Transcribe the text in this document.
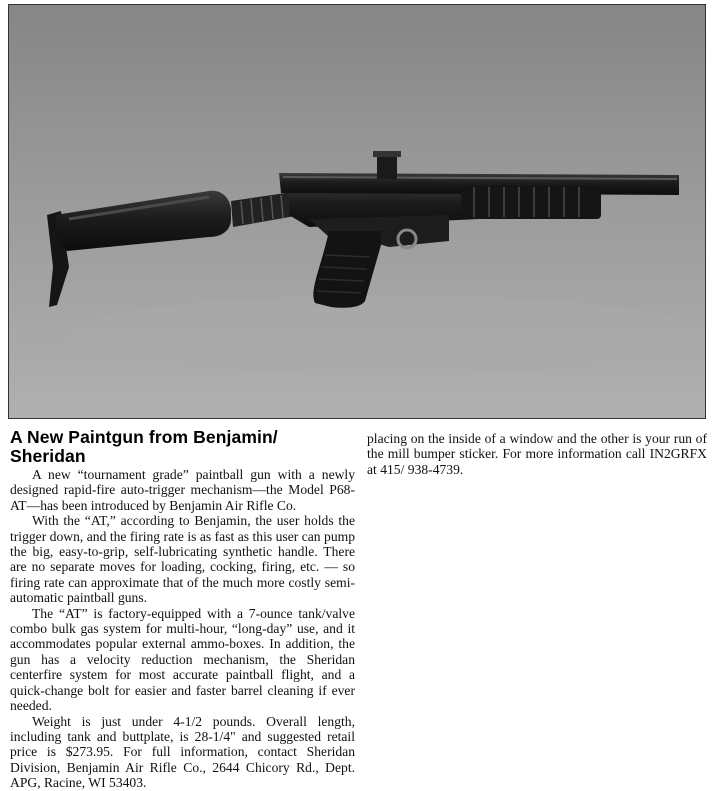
A New Paintgun from Benjamin/ Sheridan

A new “tournament grade” paintball gun with a newly designed rapid-fire auto-trigger mechanism—the Model P68-AT—has been introduced by Benjamin Air Rifle Co.

With the “AT,” according to Benjamin, the user holds the trigger down, and the firing rate is as fast as this user can pump the big, easy-to-grip, self-lubricating synthetic handle. There are no separate moves for loading, cocking, firing, etc. — so firing rate can approximate that of the much more costly semi-automatic paintball guns.

The “AT” is factory-equipped with a 7-ounce tank/valve combo bulk gas system for multi-hour, “long-day” use, and it accommodates popular external ammo-boxes. In addition, the gun has a velocity reduction mechanism, the Sheridan centerfire system for most accurate paintball flight, and a quick-change bolt for easier and faster barrel cleaning if ever needed.

Weight is just under 4-1/2 pounds. Overall length, including tank and buttplate, is 28-1/4" and suggested retail price is $273.95. For full information, contact Sheridan Division, Benjamin Air Rifle Co., 2644 Chicory Rd., Dept. APG, Racine, WI 53403.

placing on the inside of a window and the other is your run of the mill bumper sticker. For more information call IN2GRFX at 415/ 938-4739.
